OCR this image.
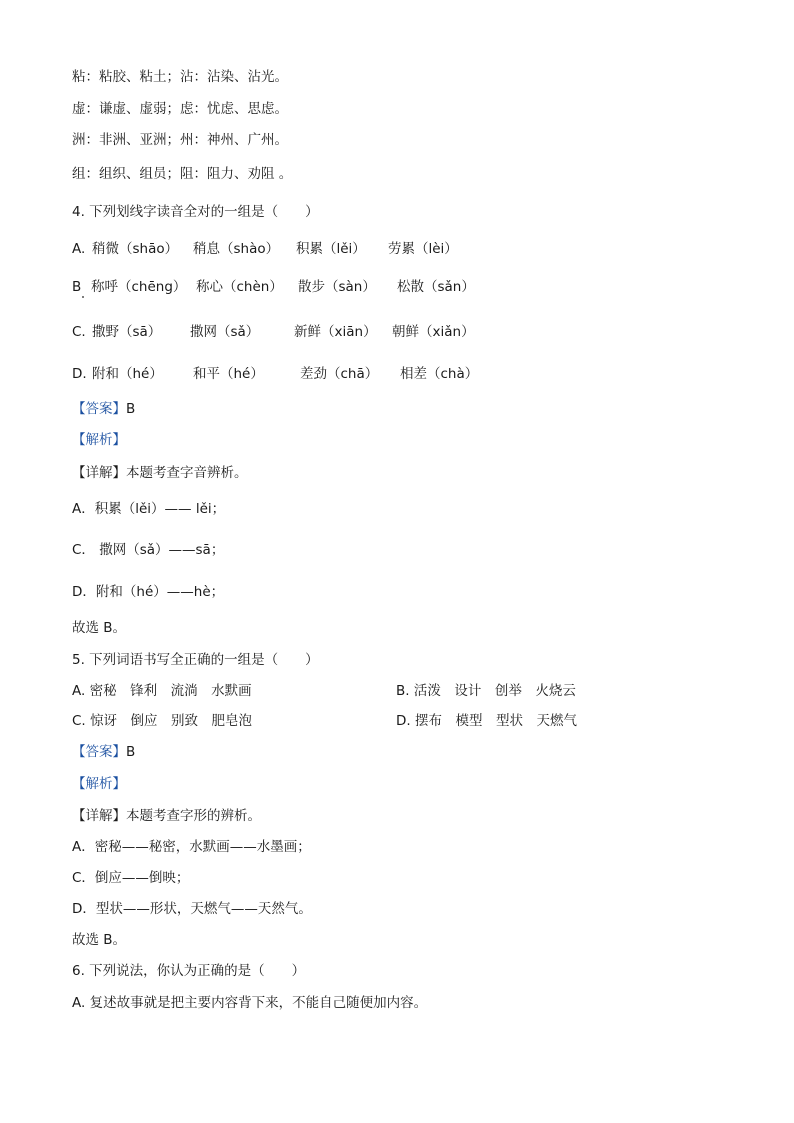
粘：粘胶、粘土；沾：沾染、沾光。
虚：谦虚、虚弱；虑：忧虑、思虑。
洲：非洲、亚洲；州：神州、广州。
组：组织、组员；阻：阻力、劝阻 。
4. 下列划线字读音全对的一组是（　　）
A. 稍微（shāo） 稍息（shào） 积累（lěi） 劳累（lèi）
B 称呼（chēng） 称心（chèn） 散步（sàn） 松散（sǎn）
C. 撒野（sā） 撒网（sǎ）	新鲜（xiān） 朝鲜（xiǎn）
D. 附和（hé） 和平（hé）	差劲（chā） 相差（chà）
【答案】B
【解析】
【详解】本题考查字音辨析。
A．积累（lěi）—— lěi；
C． 撒网（sǎ）——sā；
D．附和（hé）——hè；
故选 B。
5. 下列词语书写全正确的一组是（　　）
A. 密秘　锋利　流淌　水默画	B. 活泼　设计　创举　火烧云
C. 惊讶　倒应　别致　肥皂泡	D. 摆布　模型　型状　天燃气
【答案】B
【解析】
【详解】本题考查字形的辨析。
A．密秘——秘密，水默画——水墨画；
C．倒应——倒映；
D．型状——形状，天燃气——天然气。
故选 B。
6. 下列说法，你认为正确的是（　　）
A. 复述故事就是把主要内容背下来，不能自己随便加内容。
